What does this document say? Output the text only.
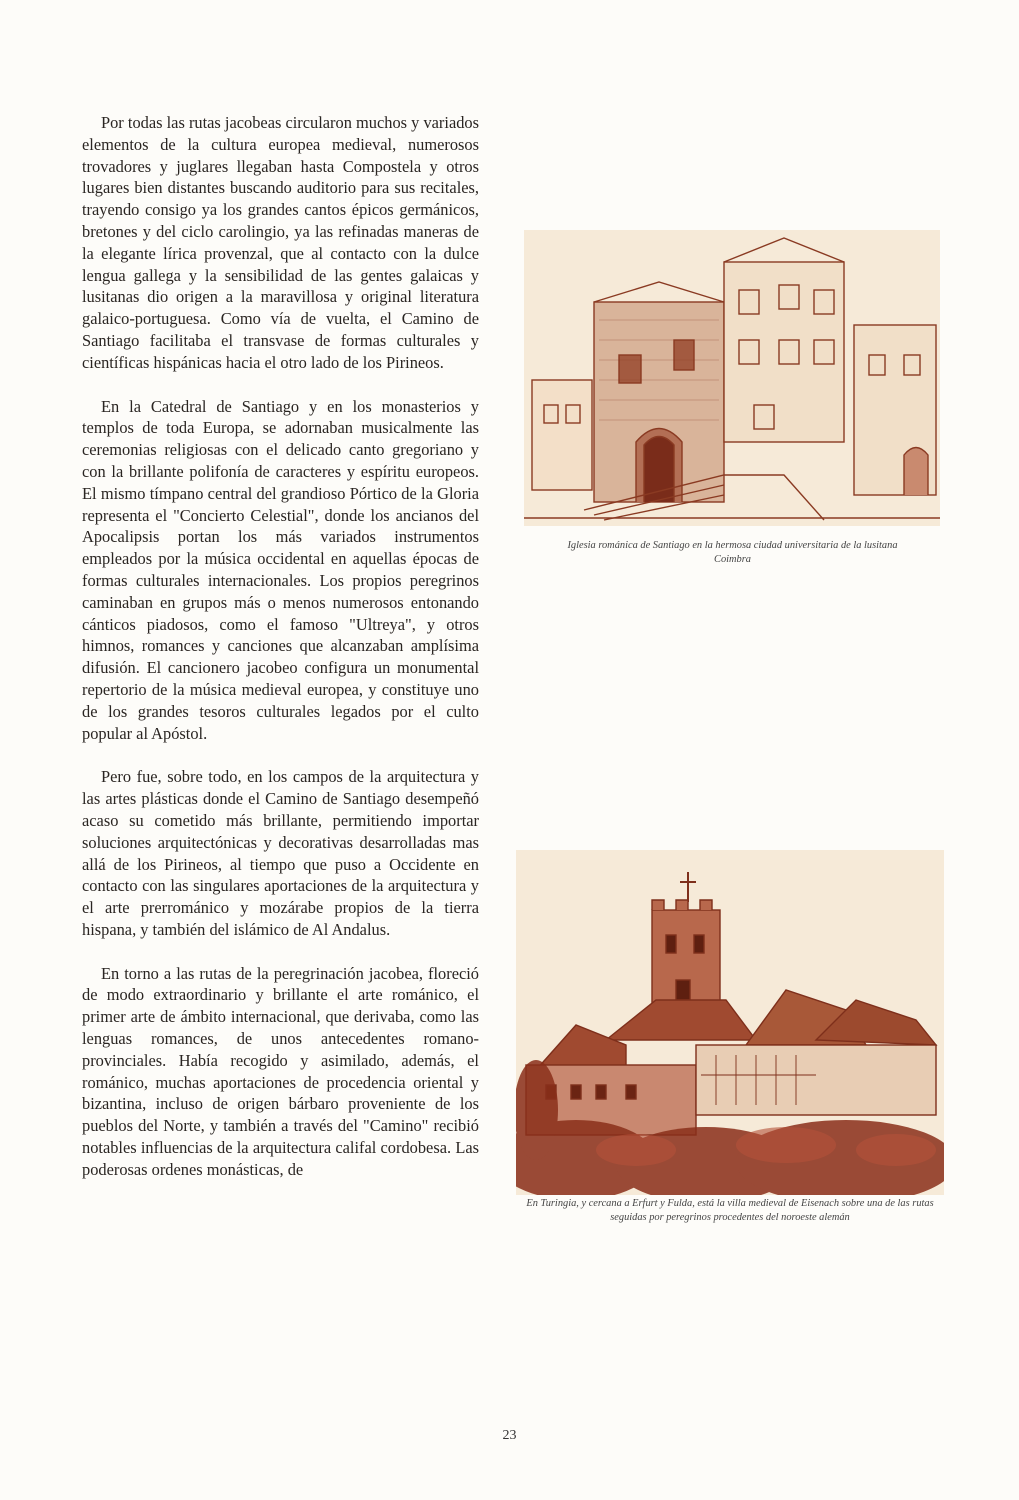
Por todas las rutas jacobeas circularon muchos y variados elementos de la cultura europea medieval, numerosos trovadores y juglares llegaban hasta Compostela y otros lugares bien distantes buscando auditorio para sus recitales, trayendo consigo ya los grandes cantos épicos germánicos, bretones y del ciclo carolingio, ya las refinadas maneras de la elegante lírica provenzal, que al contacto con la dulce lengua gallega y la sensibilidad de las gentes galaicas y lusitanas dio origen a la maravillosa y original literatura galaico-portuguesa. Como vía de vuelta, el Camino de Santiago facilitaba el transvase de formas culturales y científicas hispánicas hacia el otro lado de los Pirineos.

En la Catedral de Santiago y en los monasterios y templos de toda Europa, se adornaban musicalmente las ceremonias religiosas con el delicado canto gregoriano y con la brillante polifonía de caracteres y espíritu europeos. El mismo tímpano central del grandioso Pórtico de la Gloria representa el "Concierto Celestial", donde los ancianos del Apocalipsis portan los más variados instrumentos empleados por la música occidental en aquellas épocas de formas culturales internacionales. Los propios peregrinos caminaban en grupos más o menos numerosos entonando cánticos piadosos, como el famoso "Ultreya", y otros himnos, romances y canciones que alcanzaban amplísima difusión. El cancionero jacobeo configura un monumental repertorio de la música medieval europea, y constituye uno de los grandes tesoros culturales legados por el culto popular al Apóstol.

Pero fue, sobre todo, en los campos de la arquitectura y las artes plásticas donde el Camino de Santiago desempeñó acaso su cometido más brillante, permitiendo importar soluciones arquitectónicas y decorativas desarrolladas mas allá de los Pirineos, al tiempo que puso a Occidente en contacto con las singulares aportaciones de la arquitectura y el arte prerrománico y mozárabe propios de la tierra hispana, y también del islámico de Al Andalus.

En torno a las rutas de la peregrinación jacobea, floreció de modo extraordinario y brillante el arte románico, el primer arte de ámbito internacional, que derivaba, como las lenguas romances, de unos antecedentes romano-provinciales. Había recogido y asimilado, además, el románico, muchas aportaciones de procedencia oriental y bizantina, incluso de origen bárbaro proveniente de los pueblos del Norte, y también a través del "Camino" recibió notables influencias de la arquitectura califal cordobesa. Las poderosas ordenes monásticas, de

Iglesia románica de Santiago en la hermosa ciudad universitaria de la lusitana Coimbra
En Turingia, y cercana a Erfurt y Fulda, está la villa medieval de Eisenach sobre una de las rutas seguidas por peregrinos procedentes del noroeste alemán
23
